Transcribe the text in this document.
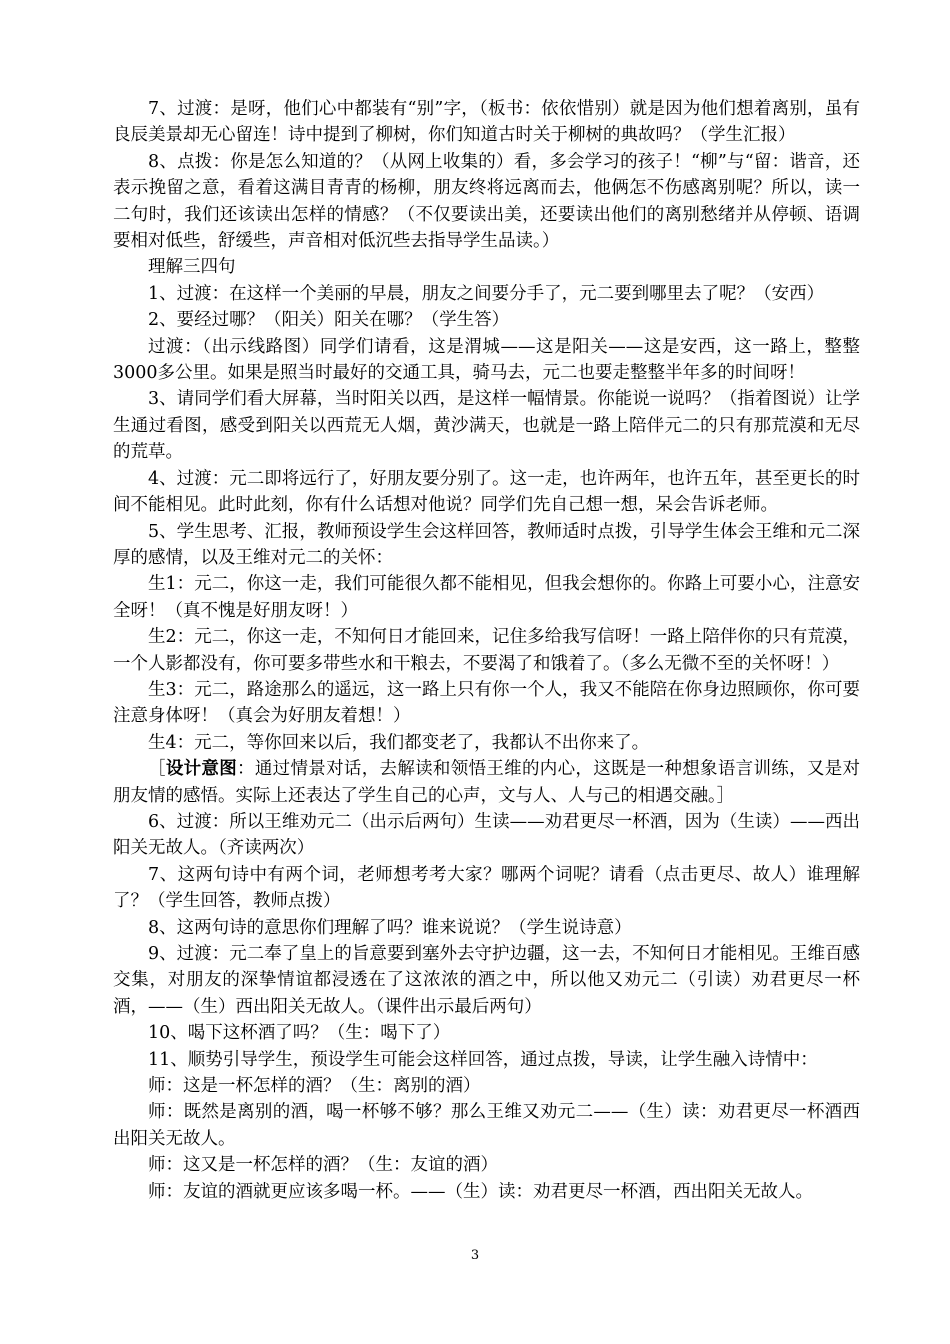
7、过渡：是呀，他们心中都装有“别”字，（板书：依依惜别）就是因为他们想着离别，虽有良辰美景却无心留连！诗中提到了柳树，你们知道古时关于柳树的典故吗？（学生汇报）

8、点拨：你是怎么知道的？（从网上收集的）看，多会学习的孩子！“柳”与“留：谐音，还表示挽留之意，看着这满目青青的杨柳，朋友终将远离而去，他俩怎不伤感离别呢？所以，读一二句时，我们还该读出怎样的情感？（不仅要读出美，还要读出他们的离别愁绪并从停顿、语调要相对低些，舒缓些，声音相对低沉些去指导学生品读。）

理解三四句

1、过渡：在这样一个美丽的早晨，朋友之间要分手了，元二要到哪里去了呢？（安西）

2、要经过哪？（阳关）阳关在哪？（学生答）

过渡：（出示线路图）同学们请看，这是渭城——这是阳关——这是安西，这一路上，整整3000多公里。如果是照当时最好的交通工具，骑马去，元二也要走整整半年多的时间呀！

3、请同学们看大屏幕，当时阳关以西，是这样一幅情景。你能说一说吗？（指着图说）让学生通过看图，感受到阳关以西荒无人烟，黄沙满天，也就是一路上陪伴元二的只有那荒漠和无尽的荒草。

4、过渡：元二即将远行了，好朋友要分别了。这一走，也许两年，也许五年，甚至更长的时间不能相见。此时此刻，你有什么话想对他说？同学们先自己想一想，呆会告诉老师。

5、学生思考、汇报，教师预设学生会这样回答，教师适时点拨，引导学生体会王维和元二深厚的感情，以及王维对元二的关怀：

生1：元二，你这一走，我们可能很久都不能相见，但我会想你的。你路上可要小心，注意安全呀！（真不愧是好朋友呀！）

生2：元二，你这一走，不知何日才能回来，记住多给我写信呀！一路上陪伴你的只有荒漠，一个人影都没有，你可要多带些水和干粮去，不要渴了和饿着了。（多么无微不至的关怀呀！）

生3：元二，路途那么的遥远，这一路上只有你一个人，我又不能陪在你身边照顾你，你可要注意身体呀！（真会为好朋友着想！）

生4：元二，等你回来以后，我们都变老了，我都认不出你来了。

［设计意图：通过情景对话，去解读和领悟王维的内心，这既是一种想象语言训练，又是对朋友情的感悟。实际上还表达了学生自己的心声，文与人、人与己的相遇交融。］

6、过渡：所以王维劝元二（出示后两句）生读——劝君更尽一杯酒，因为（生读）——西出阳关无故人。（齐读两次）

7、这两句诗中有两个词，老师想考考大家？哪两个词呢？请看（点击更尽、故人）谁理解了？（学生回答，教师点拨）

8、这两句诗的意思你们理解了吗？谁来说说？（学生说诗意）

9、过渡：元二奉了皇上的旨意要到塞外去守护边疆，这一去，不知何日才能相见。王维百感交集，对朋友的深挚情谊都浸透在了这浓浓的酒之中，所以他又劝元二（引读）劝君更尽一杯酒，——（生）西出阳关无故人。（课件出示最后两句）

10、喝下这杯酒了吗？（生：喝下了）

11、顺势引导学生，预设学生可能会这样回答，通过点拨，导读，让学生融入诗情中：

师：这是一杯怎样的酒？（生：离别的酒）

师：既然是离别的酒，喝一杯够不够？那么王维又劝元二——（生）读：劝君更尽一杯酒西出阳关无故人。

师：这又是一杯怎样的酒？（生：友谊的酒）

师：友谊的酒就更应该多喝一杯。——（生）读：劝君更尽一杯酒，西出阳关无故人。

3
